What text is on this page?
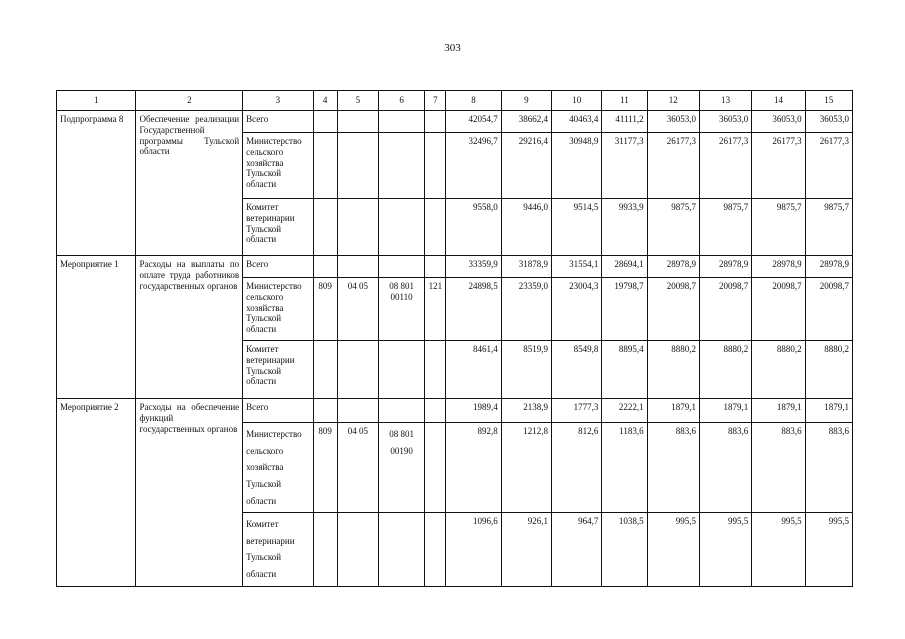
303
1	2	3	4	5	6	7	8	9	10	11	12	13	14	15
Подпрограмма 8	Обеспечение реализации Государственной программы Тульской области	Всего					42054,7	38662,4	40463,4	41111,2	36053,0	36053,0	36053,0	36053,0
		Министерство сельского хозяйства Тульской области					32496,7	29216,4	30948,9	31177,3	26177,3	26177,3	26177,3	26177,3
		Комитет ветеринарии Тульской области					9558,0	9446,0	9514,5	9933,9	9875,7	9875,7	9875,7	9875,7
Мероприятие 1	Расходы на выплаты по оплате труда работников государственных органов	Всего					33359,9	31878,9	31554,1	28694,1	28978,9	28978,9	28978,9	28978,9
		Министерство сельского хозяйства Тульской области	809	04 05	08 801 00110	121	24898,5	23359,0	23004,3	19798,7	20098,7	20098,7	20098,7	20098,7
		Комитет ветеринарии Тульской области					8461,4	8519,9	8549,8	8895,4	8880,2	8880,2	8880,2	8880,2
Мероприятие 2	Расходы на обеспечение функций государственных органов	Всего					1989,4	2138,9	1777,3	2222,1	1879,1	1879,1	1879,1	1879,1
		Министерство сельского хозяйства Тульской области	809	04 05	08 801 00190		892,8	1212,8	812,6	1183,6	883,6	883,6	883,6	883,6
		Комитет ветеринарии Тульской области					1096,6	926,1	964,7	1038,5	995,5	995,5	995,5	995,5
